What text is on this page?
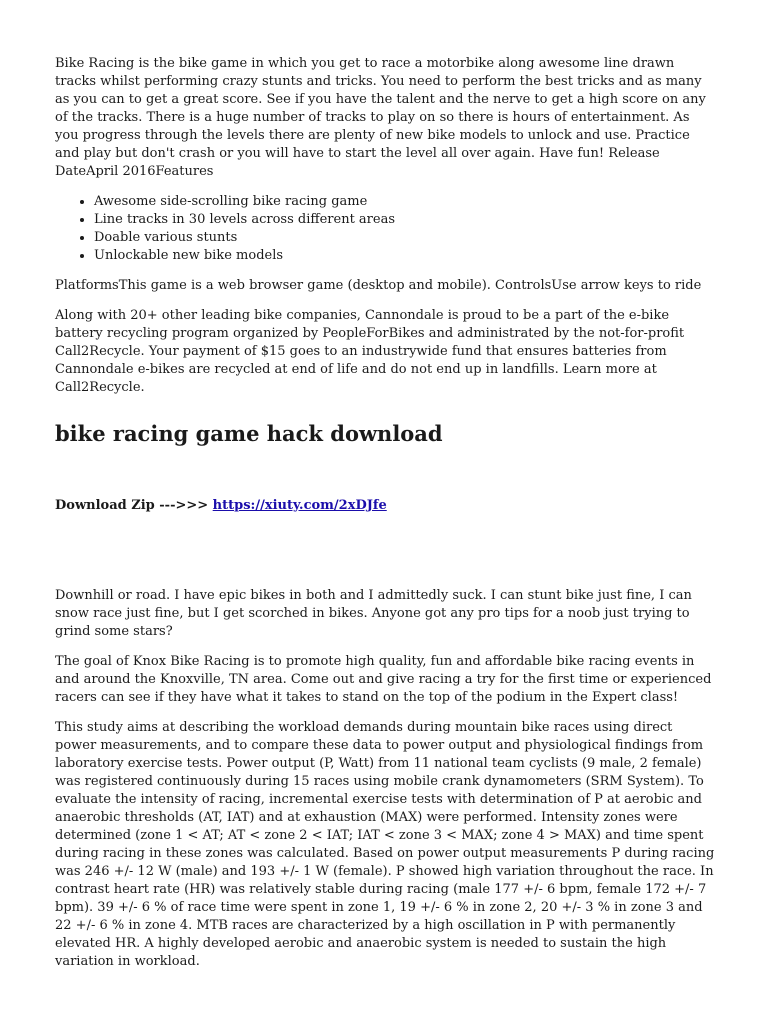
Bike Racing is the bike game in which you get to race a motorbike along awesome line drawn tracks whilst performing crazy stunts and tricks. You need to perform the best tricks and as many as you can to get a great score. See if you have the talent and the nerve to get a high score on any of the tracks. There is a huge number of tracks to play on so there is hours of entertainment. As you progress through the levels there are plenty of new bike models to unlock and use. Practice and play but don't crash or you will have to start the level all over again. Have fun! Release DateApril 2016Features

• Awesome side-scrolling bike racing game
• Line tracks in 30 levels across different areas
• Doable various stunts
• Unlockable new bike models

PlatformsThis game is a web browser game (desktop and mobile). ControlsUse arrow keys to ride

Along with 20+ other leading bike companies, Cannondale is proud to be a part of the e-bike battery recycling program organized by PeopleForBikes and administrated by the not-for-profit Call2Recycle. Your payment of $15 goes to an industrywide fund that ensures batteries from Cannondale e-bikes are recycled at end of life and do not end up in landfills. Learn more at Call2Recycle.

bike racing game hack download
Download Zip --->>> https://xiuty.com/2xDJfe

Downhill or road. I have epic bikes in both and I admittedly suck. I can stunt bike just fine, I can snow race just fine, but I get scorched in bikes. Anyone got any pro tips for a noob just trying to grind some stars?

The goal of Knox Bike Racing is to promote high quality, fun and affordable bike racing events in and around the Knoxville, TN area. Come out and give racing a try for the first time or experienced racers can see if they have what it takes to stand on the top of the podium in the Expert class!

This study aims at describing the workload demands during mountain bike races using direct power measurements, and to compare these data to power output and physiological findings from laboratory exercise tests. Power output (P, Watt) from 11 national team cyclists (9 male, 2 female) was registered continuously during 15 races using mobile crank dynamometers (SRM System). To evaluate the intensity of racing, incremental exercise tests with determination of P at aerobic and anaerobic thresholds (AT, IAT) and at exhaustion (MAX) were performed. Intensity zones were determined (zone 1 < AT; AT < zone 2 < IAT; IAT < zone 3 < MAX; zone 4 > MAX) and time spent during racing in these zones was calculated. Based on power output measurements P during racing was 246 +/- 12 W (male) and 193 +/- 1 W (female). P showed high variation throughout the race. In contrast heart rate (HR) was relatively stable during racing (male 177 +/- 6 bpm, female 172 +/- 7 bpm). 39 +/- 6 % of race time were spent in zone 1, 19 +/- 6 % in zone 2, 20 +/- 3 % in zone 3 and 22 +/- 6 % in zone 4. MTB races are characterized by a high oscillation in P with permanently elevated HR. A highly developed aerobic and anaerobic system is needed to sustain the high variation in workload.
